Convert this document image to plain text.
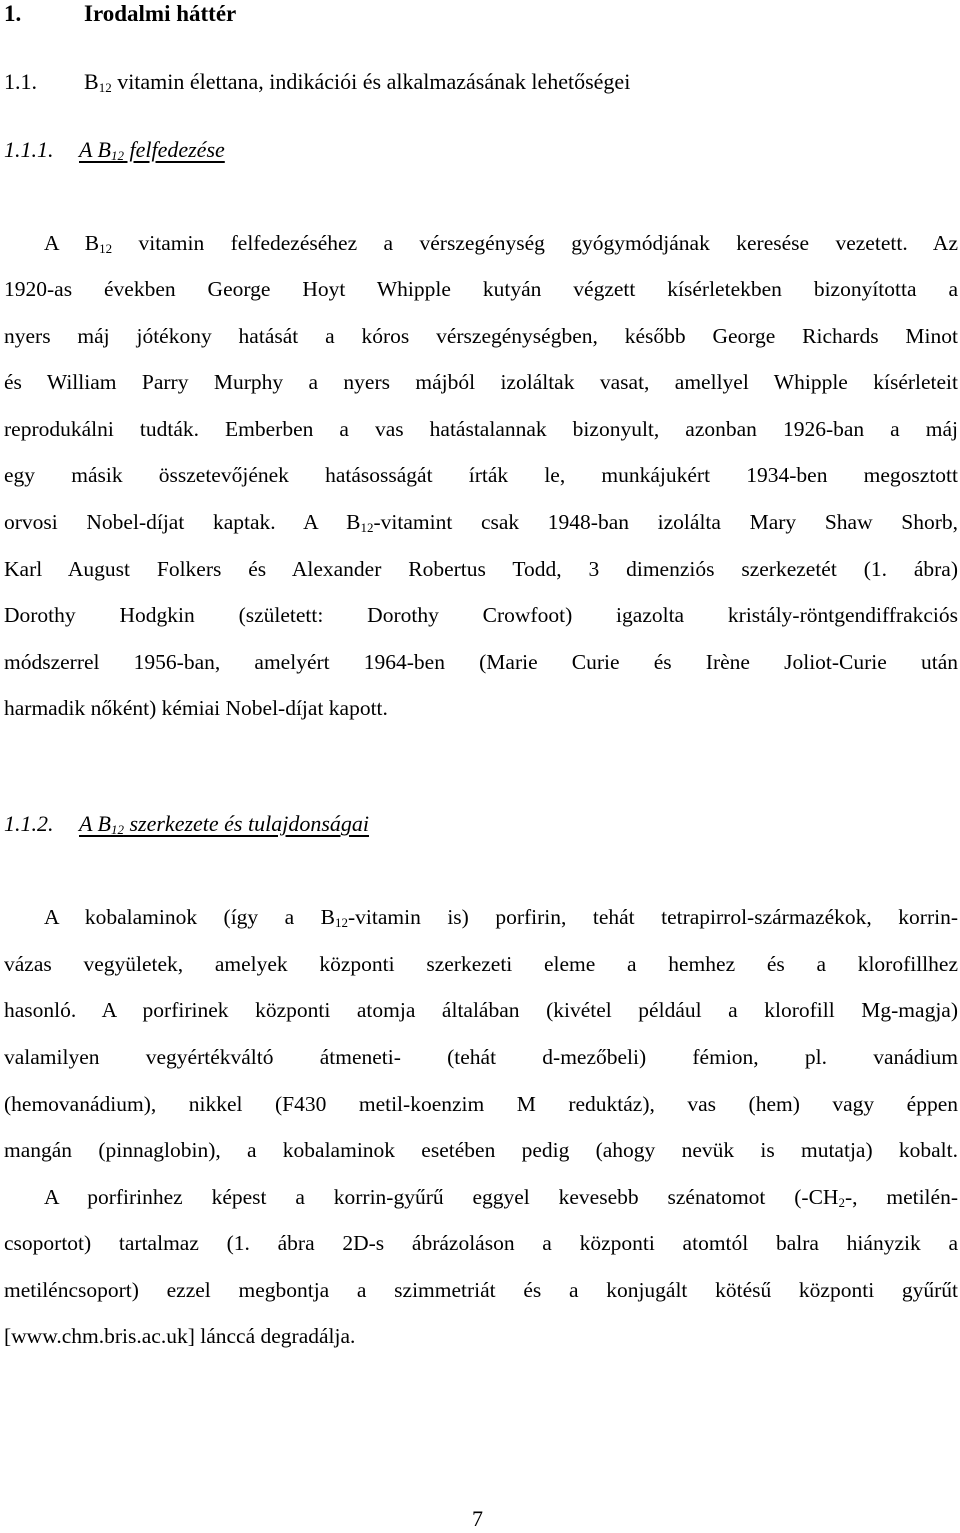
1.	Irodalmi háttér
1.1. $B_{12}$ vitamin élettana, indikációi és alkalmazásának lehetőségei
1.1.1. A $B_{12}$ felfedezése
A $B_{12}$ vitamin felfedezéséhez a vérszegénység gyógymódjának keresése vezetett. Az
1920-as években George Hoyt Whipple kutyán végzett kísérletekben bizonyította a
nyers máj jótékony hatását a kóros vérszegénységben, később George Richards Minot
és William Parry Murphy a nyers májból izoláltak vasat, amellyel Whipple kísérleteit
reprodukálni tudták. Emberben a vas hatástalannak bizonyult, azonban 1926-ban a máj
egy másik összetevőjének hatásosságát írták le, munkájukért 1934-ben megosztott
orvosi Nobel-díjat kaptak. A $B_{12}$-vitamint csak 1948-ban izolálta Mary Shaw Shorb,
Karl August Folkers és Alexander Robertus Todd, 3 dimenziós szerkezetét (1. ábra)
Dorothy Hodgkin (született: Dorothy Crowfoot) igazolta kristály-röntgendiffrakciós
módszerrel 1956-ban, amelyért 1964-ben (Marie Curie és Irène Joliot-Curie után
harmadik nőként) kémiai Nobel-díjat kapott.
1.1.2. A $B_{12}$ szerkezete és tulajdonságai
A kobalaminok (így a $B_{12}$-vitamin is) porfirin, tehát tetrapirrol-származékok, korrin-
vázas vegyületek, amelyek központi szerkezeti eleme a hemhez és a klorofillhez
hasonló. A porfirinek központi atomja általában (kivétel például a klorofill Mg-magja)
valamilyen vegyértékváltó átmeneti- (tehát d-mezőbeli) fémion, pl. vanádium
(hemovanádium), nikkel (F430 metil-koenzim M reduktáz), vas (hem) vagy éppen
mangán (pinnaglobin), a kobalaminok esetében pedig (ahogy nevük is mutatja) kobalt.
A porfirinhez képest a korrin-gyűrű eggyel kevesebb szénatomot ($-CH_2-$, metilén-
csoportot) tartalmaz (1. ábra 2D-s ábrázoláson a központi atomtól balra hiányzik a
metiléncsoport) ezzel megbontja a szimmetriát és a konjugált kötésű központi gyűrűt
[www.chm.bris.ac.uk] lánccá degradálja.
7
